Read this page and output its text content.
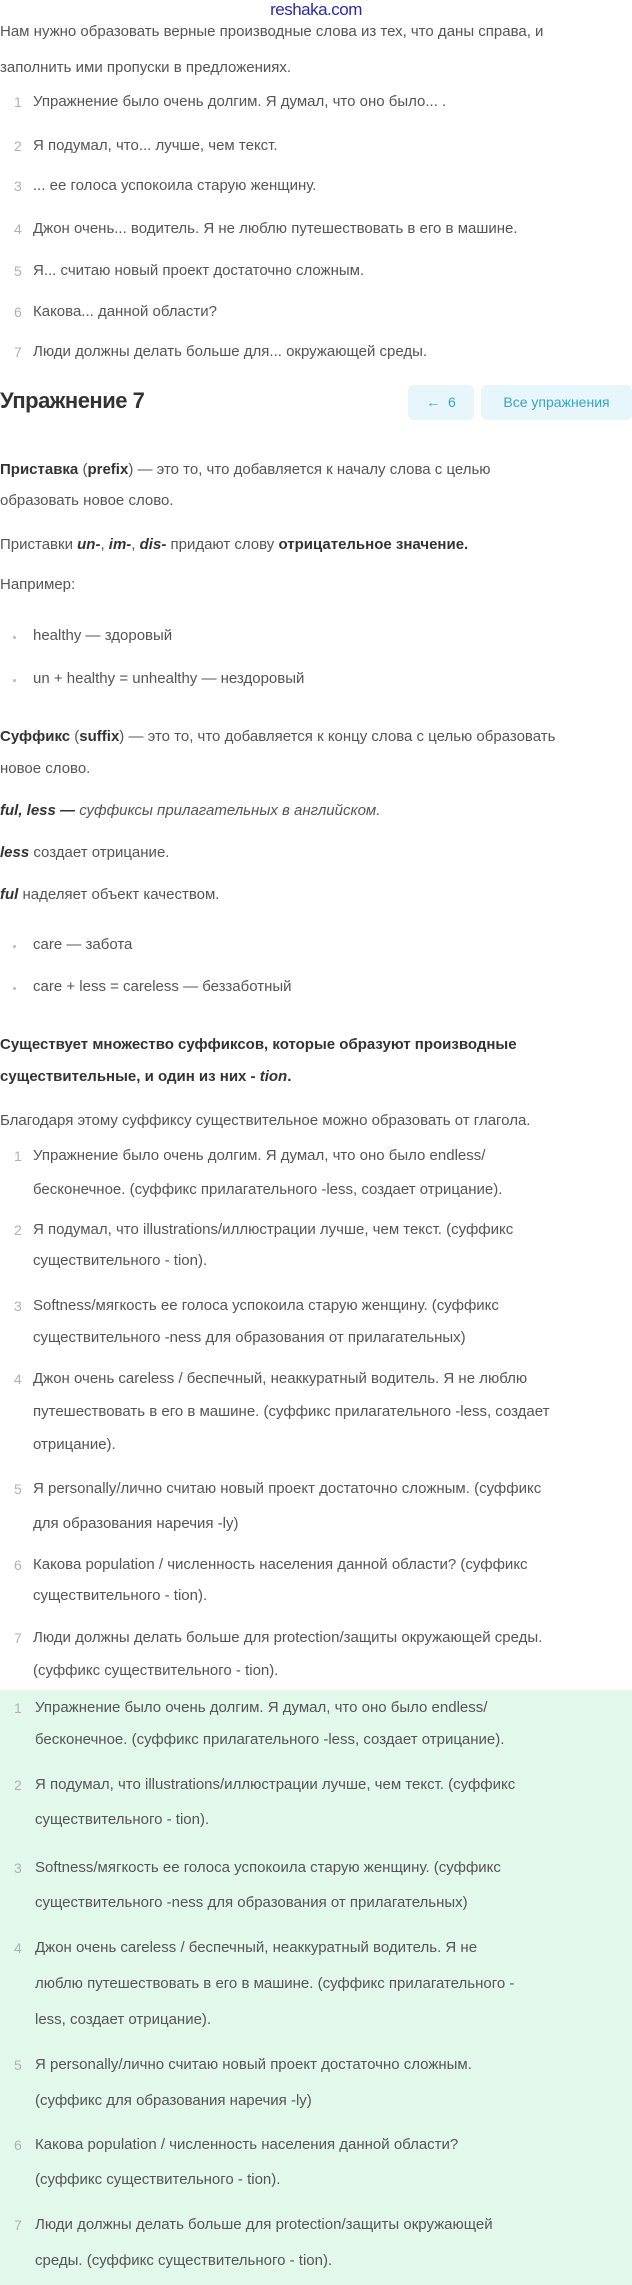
reshaka.com
Нам нужно образовать верные производные слова из тех, что даны справа, и
заполнить ими пропуски в предложениях.
1 Упражнение было очень долгим. Я думал, что оно было... .
2 Я подумал, что... лучше, чем текст.
3 ... ее голоса успокоила старую женщину.
4 Джон очень... водитель. Я не люблю путешествовать в его в машине.
5 Я... считаю новый проект достаточно сложным.
6 Какова... данной области?
7 Люди должны делать больше для... окружающей среды.
Упражнение 7	← 6	Все упражнения
Приставка (prefix) — это то, что добавляется к началу слова с целью
образовать новое слово.
Приставки un-, im-, dis- придают слову отрицательное значение.
Например:
healthy — здоровый
un + healthy = unhealthy — нездоровый
Суффикс (suffix) — это то, что добавляется к концу слова с целью образовать
новое слово.
ful, less — суффиксы прилагательных в английском.
less создает отрицание.
ful наделяет объект качеством.
care — забота
care + less = careless — беззаботный
Существует множество суффиксов, которые образуют производные
существительные, и один из них - tion.
Благодаря этому суффиксу существительное можно образовать от глагола.
1 Упражнение было очень долгим. Я думал, что оно было endless/
бесконечное. (суффикс прилагательного -less, создает отрицание).
2 Я подумал, что illustrations/иллюстрации лучше, чем текст. (суффикс
существительного - tion).
3 Softness/мягкость ее голоса успокоила старую женщину. (суффикс
существительного -ness для образования от прилагательных)
4 Джон очень careless / беспечный, неаккуратный водитель. Я не люблю
путешествовать в его в машине. (суффикс прилагательного -less, создает
отрицание).
5 Я personally/лично считаю новый проект достаточно сложным. (суффикс
для образования наречия -ly)
6 Какова population / численность населения данной области? (суффикс
существительного - tion).
7 Люди должны делать больше для protection/защиты окружающей среды.
(суффикс существительного - tion).
1 Упражнение было очень долгим. Я думал, что оно было endless/
бесконечное. (суффикс прилагательного -less, создает отрицание).
2 Я подумал, что illustrations/иллюстрации лучше, чем текст. (суффикс
существительного - tion).
3 Softness/мягкость ее голоса успокоила старую женщину. (суффикс
существительного -ness для образования от прилагательных)
4 Джон очень careless / беспечный, неаккуратный водитель. Я не
люблю путешествовать в его в машине. (суффикс прилагательного -
less, создает отрицание).
5 Я personally/лично считаю новый проект достаточно сложным.
(суффикс для образования наречия -ly)
6 Какова population / численность населения данной области?
(суффикс существительного - tion).
7 Люди должны делать больше для protection/защиты окружающей
среды. (суффикс существительного - tion).
